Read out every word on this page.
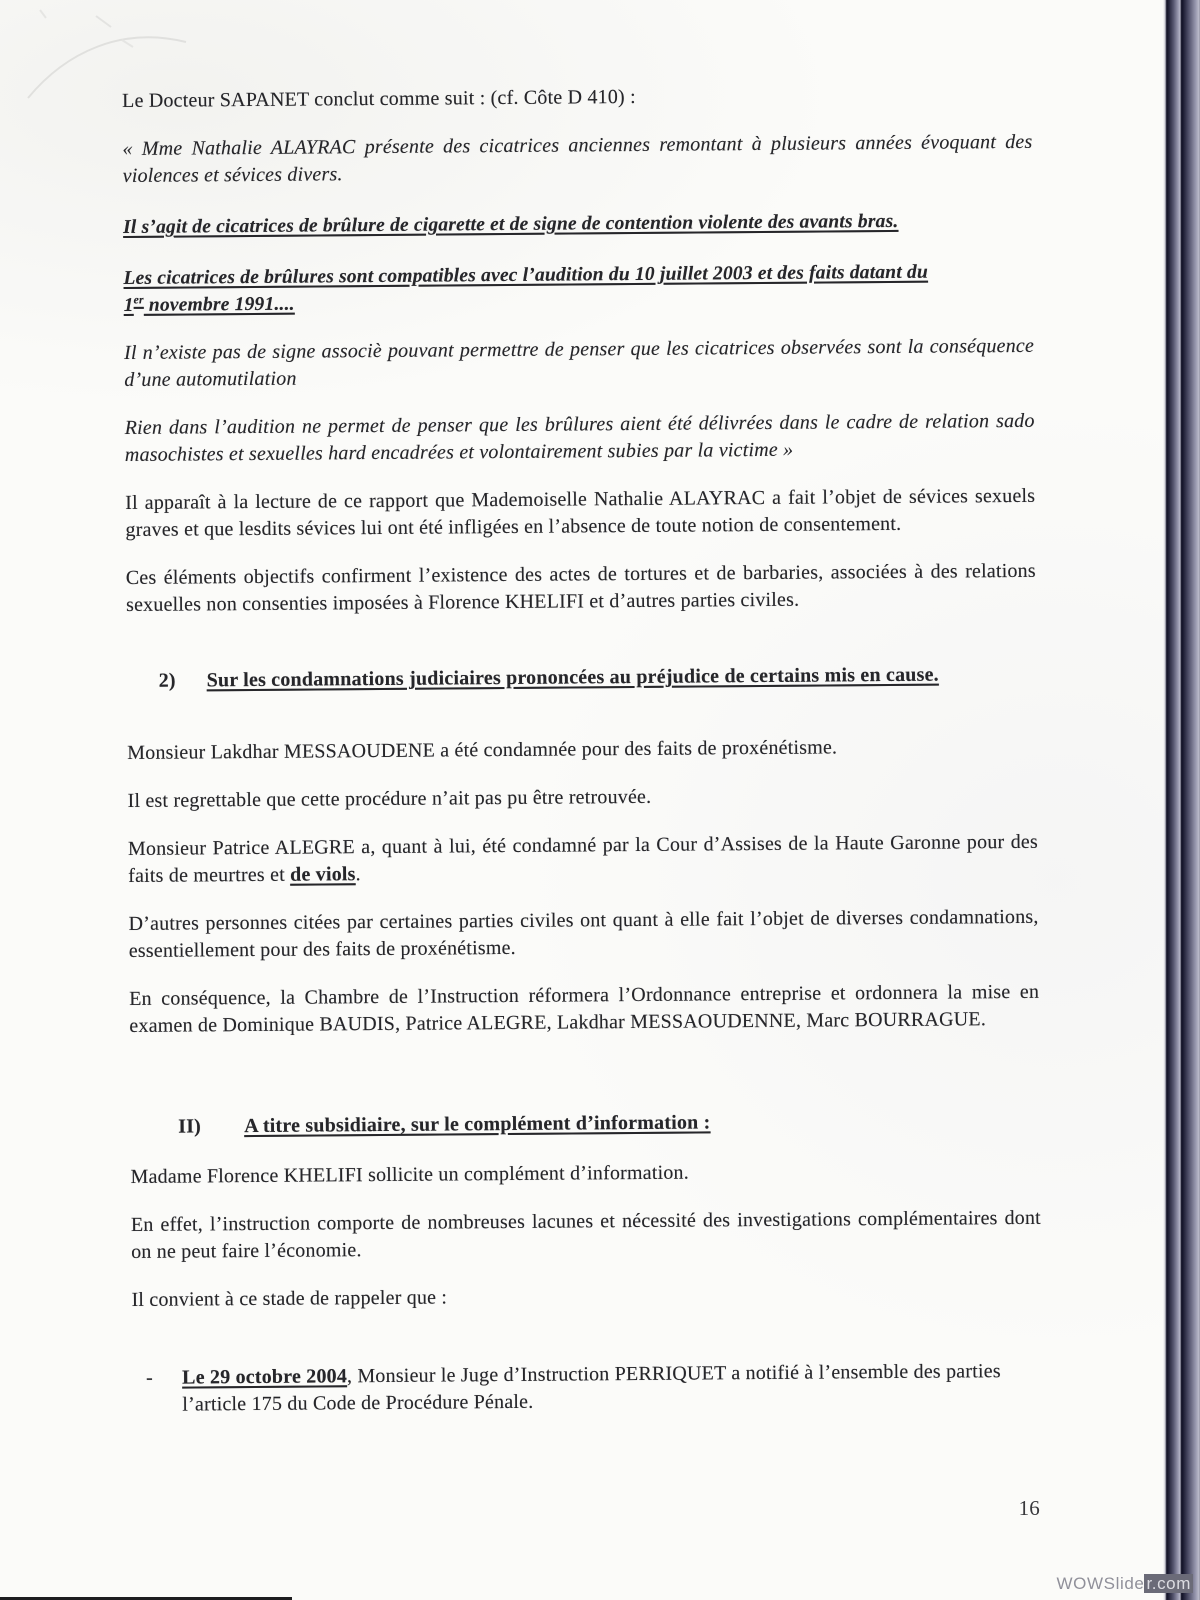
Le Docteur SAPANET conclut comme suit : (cf. Côte D 410) :
« Mme Nathalie ALAYRAC présente des cicatrices anciennes remontant à plusieurs années évoquant des violences et sévices divers.
Il s’agit de cicatrices de brûlure de cigarette et de signe de contention violente des avants bras.
Les cicatrices de brûlures sont compatibles avec l’audition du 10 juillet 2003 et des faits datant du
1er novembre 1991....
Il n’existe pas de signe associè pouvant permettre de penser que les cicatrices observées sont la conséquence d’une automutilation
Rien dans l’audition ne permet de penser que les brûlures aient été délivrées dans le cadre de relation sado masochistes et sexuelles hard encadrées et volontairement subies par la victime »
Il apparaît à la lecture de ce rapport que Mademoiselle Nathalie ALAYRAC a fait l’objet de sévices sexuels graves et que lesdits sévices lui ont été infligées en l’absence de toute notion de consentement.
Ces éléments objectifs confirment l’existence des actes de tortures et de barbaries, associées à des relations sexuelles non consenties imposées à Florence KHELIFI et d’autres parties civiles.
2) Sur les condamnations judiciaires prononcées au préjudice de certains mis en cause.
Monsieur Lakdhar MESSAOUDENE a été condamnée pour des faits de proxénétisme.
Il est regrettable que cette procédure n’ait pas pu être retrouvée.
Monsieur Patrice ALEGRE a, quant à lui, été condamné par la Cour d’Assises de la Haute Garonne pour des faits de meurtres et de viols.
D’autres personnes citées par certaines parties civiles ont quant à elle fait l’objet de diverses condamnations, essentiellement pour des faits de proxénétisme.
En conséquence, la Chambre de l’Instruction réformera l’Ordonnance entreprise et ordonnera la mise en examen de Dominique BAUDIS, Patrice ALEGRE, Lakdhar MESSAOUDENNE, Marc BOURRAGUE.
II) A titre subsidiaire, sur le complément d’information :
Madame Florence KHELIFI sollicite un complément d’information.
En effet, l’instruction comporte de nombreuses lacunes et nécessité des investigations complémentaires dont on ne peut faire l’économie.
Il convient à ce stade de rappeler que :
- Le 29 octobre 2004, Monsieur le Juge d’Instruction PERRIQUET a notifié à l’ensemble des parties l’article 175 du Code de Procédure Pénale.
16
WOWSlide r.com
